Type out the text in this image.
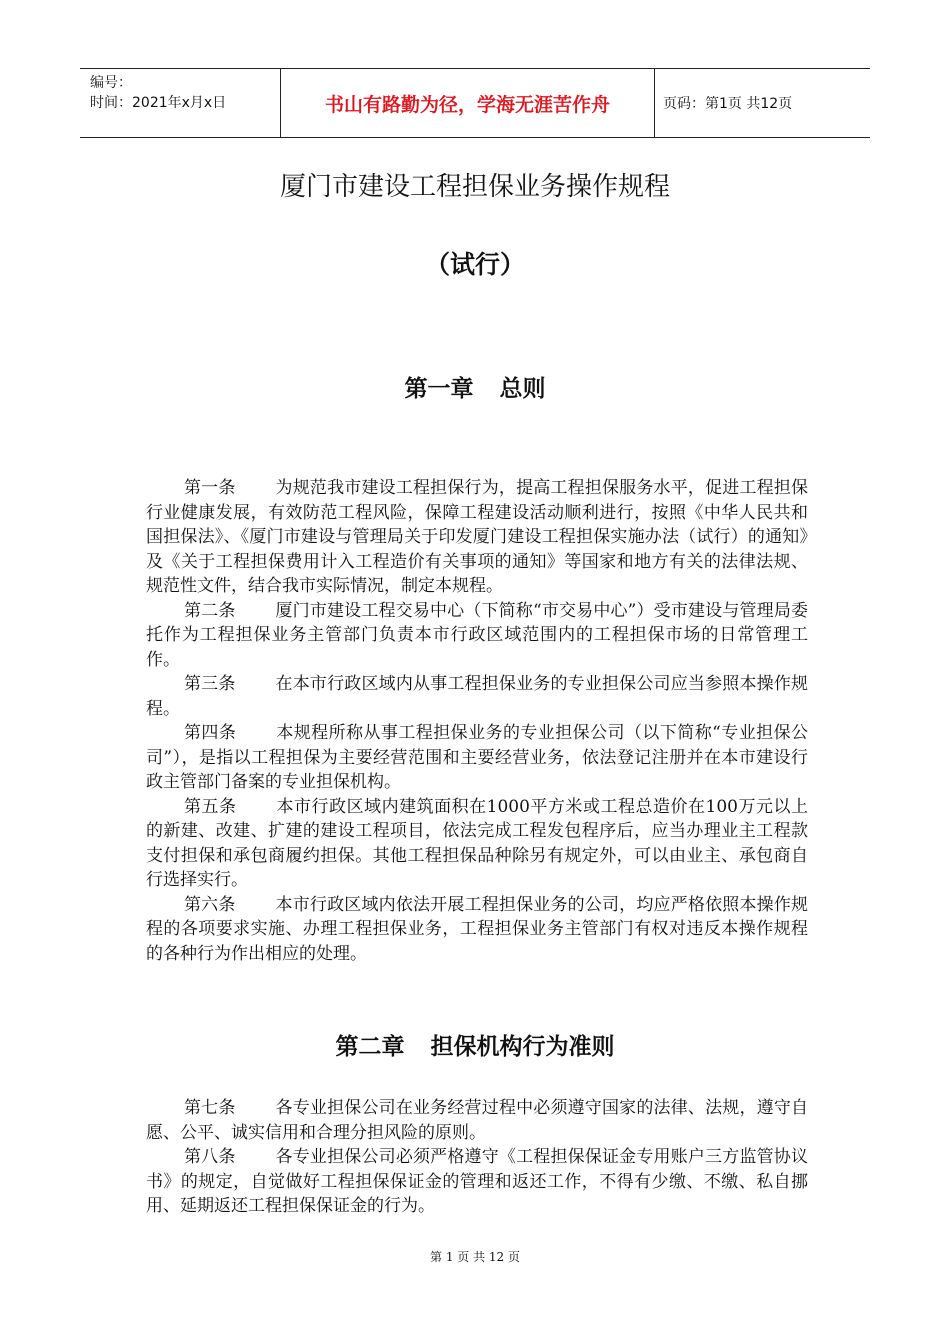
编号：
时间：2021年x月x日	书山有路勤为径，学海无涯苦作舟	页码：第1页 共12页
厦门市建设工程担保业务操作规程
（试行）
第一章 总则

第一条 为规范我市建设工程担保行为，提高工程担保服务水平，促进工程担保行业健康发展，有效防范工程风险，保障工程建设活动顺利进行，按照《中华人民共和国担保法》、《厦门市建设与管理局关于印发厦门建设工程担保实施办法（试行）的通知》及《关于工程担保费用计入工程造价有关事项的通知》等国家和地方有关的法律法规、规范性文件，结合我市实际情况，制定本规程。

第二条 厦门市建设工程交易中心（下简称“市交易中心”）受市建设与管理局委托作为工程担保业务主管部门负责本市行政区域范围内的工程担保市场的日常管理工作。

第三条 在本市行政区域内从事工程担保业务的专业担保公司应当参照本操作规程。

第四条 本规程所称从事工程担保业务的专业担保公司（以下简称“专业担保公司”），是指以工程担保为主要经营范围和主要经营业务，依法登记注册并在本市建设行政主管部门备案的专业担保机构。

第五条 本市行政区域内建筑面积在1000平方米或工程总造价在100万元以上的新建、改建、扩建的建设工程项目，依法完成工程发包程序后，应当办理业主工程款支付担保和承包商履约担保。其他工程担保品种除另有规定外，可以由业主、承包商自行选择实行。

第六条 本市行政区域内依法开展工程担保业务的公司，均应严格依照本操作规程的各项要求实施、办理工程担保业务，工程担保业务主管部门有权对违反本操作规程的各种行为作出相应的处理。

第二章 担保机构行为准则

第七条 各专业担保公司在业务经营过程中必须遵守国家的法律、法规，遵守自愿、公平、诚实信用和合理分担风险的原则。

第八条 各专业担保公司必须严格遵守《工程担保保证金专用账户三方监管协议书》的规定，自觉做好工程担保保证金的管理和返还工作，不得有少缴、不缴、私自挪用、延期返还工程担保保证金的行为。

第 1 页 共 12 页
